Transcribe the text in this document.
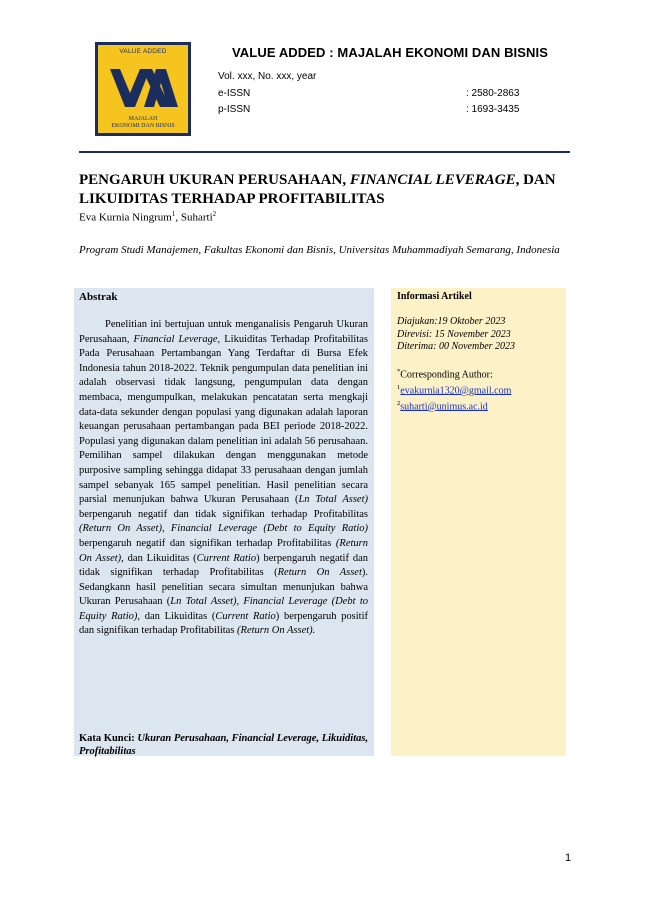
VALUE ADDED
MAJALAH
EKONOMI DAN BISNIS
VALUE ADDED : MAJALAH EKONOMI DAN BISNIS
Vol. xxx, No. xxx, year
e-ISSN	: 2580-2863
p-ISSN	: 1693-3435
PENGARUH UKURAN PERUSAHAAN, FINANCIAL LEVERAGE, DAN LIKUIDITAS TERHADAP PROFITABILITAS
Eva Kurnia Ningrum$^1$, Suharti$^2$
Program Studi Manajemen, Fakultas Ekonomi dan Bisnis, Universitas Muhammadiyah Semarang, Indonesia
Abstrak

Penelitian ini bertujuan untuk menganalisis Pengaruh Ukuran Perusahaan, Financial Leverage, Likuiditas Terhadap Profitabilitas Pada Perusahaan Pertambangan Yang Terdaftar di Bursa Efek Indonesia tahun 2018-2022. Teknik pengumpulan data penelitian ini adalah observasi tidak langsung, pengumpulan data dengan membaca, mengumpulkan, melakukan pencatatan serta mengkaji data-data sekunder dengan populasi yang digunakan adalah laporan keuangan perusahaan pertambangan pada BEI periode 2018-2022. Populasi yang digunakan dalam penelitian ini adalah 56 perusahaan. Pemilihan sampel dilakukan dengan menggunakan metode purposive sampling sehingga didapat 33 perusahaan dengan jumlah sampel sebanyak 165 sampel penelitian. Hasil penelitian secara parsial menunjukan bahwa Ukuran Perusahaan (Ln Total Asset) berpengaruh negatif dan tidak signifikan terhadap Profitabilitas (Return On Asset), Financial Leverage (Debt to Equity Ratio) berpengaruh negatif dan signifikan terhadap Profitabilitas (Return On Asset), dan Likuiditas (Current Ratio) berpengaruh negatif dan tidak signifikan terhadap Profitabilitas (Return On Asset). Sedangkann hasil penelitian secara simultan menunjukan bahwa Ukuran Perusahaan (Ln Total Asset), Financial Leverage (Debt to Equity Ratio), dan Likuiditas (Current Ratio) berpengaruh positif dan signifikan terhadap Profitabilitas (Return On Asset).

Kata Kunci: Ukuran Perusahaan, Financial Leverage, Likuiditas, Profitabilitas
Informasi Artikel
Diajukan:19 Oktober 2023
Direvisi: 15 November 2023
Diterima: 00 November 2023
*Corresponding Author:
$^1$evakurnia1320@gmail.com
$^2$suharti@unimus.ac.id
1
